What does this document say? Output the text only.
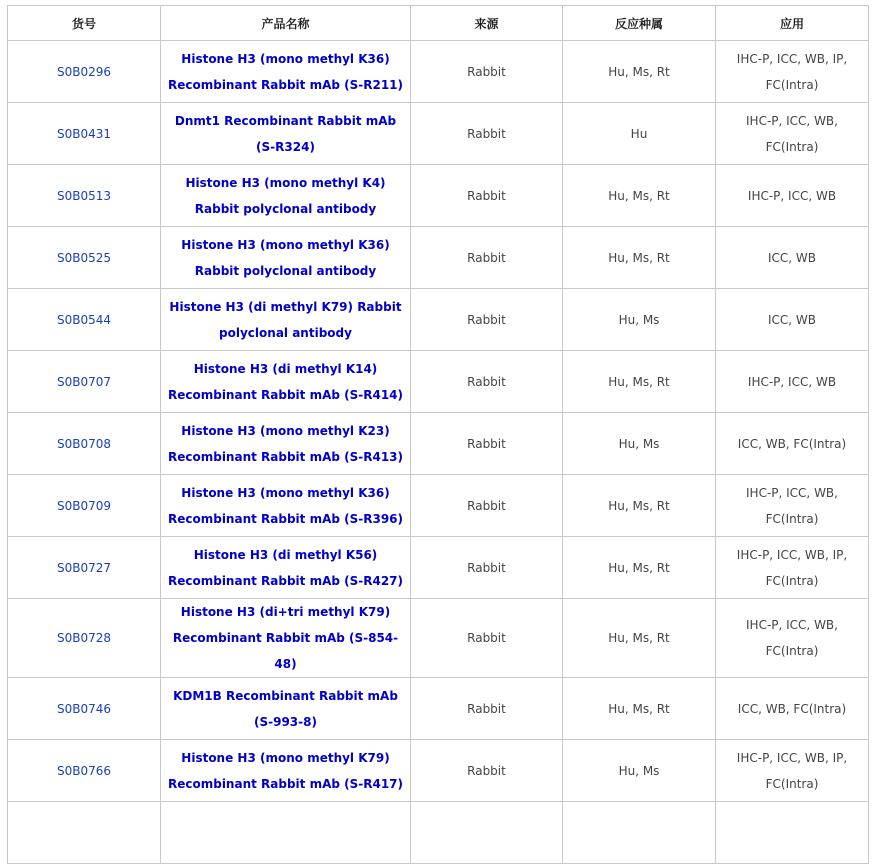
货号	产品名称	来源	反应种属	应用
S0B0296	Histone H3 (mono methyl K36) Recombinant Rabbit mAb (S-R211)	Rabbit	Hu, Ms, Rt	IHC-P, ICC, WB, IP, FC(Intra)
S0B0431	Dnmt1 Recombinant Rabbit mAb (S-R324)	Rabbit	Hu	IHC-P, ICC, WB, FC(Intra)
S0B0513	Histone H3 (mono methyl K4) Rabbit polyclonal antibody	Rabbit	Hu, Ms, Rt	IHC-P, ICC, WB
S0B0525	Histone H3 (mono methyl K36) Rabbit polyclonal antibody	Rabbit	Hu, Ms, Rt	ICC, WB
S0B0544	Histone H3 (di methyl K79) Rabbit polyclonal antibody	Rabbit	Hu, Ms	ICC, WB
S0B0707	Histone H3 (di methyl K14) Recombinant Rabbit mAb (S-R414)	Rabbit	Hu, Ms, Rt	IHC-P, ICC, WB
S0B0708	Histone H3 (mono methyl K23) Recombinant Rabbit mAb (S-R413)	Rabbit	Hu, Ms	ICC, WB, FC(Intra)
S0B0709	Histone H3 (mono methyl K36) Recombinant Rabbit mAb (S-R396)	Rabbit	Hu, Ms, Rt	IHC-P, ICC, WB, FC(Intra)
S0B0727	Histone H3 (di methyl K56) Recombinant Rabbit mAb (S-R427)	Rabbit	Hu, Ms, Rt	IHC-P, ICC, WB, IP, FC(Intra)
S0B0728	Histone H3 (di+tri methyl K79) Recombinant Rabbit mAb (S-854-48)	Rabbit	Hu, Ms, Rt	IHC-P, ICC, WB, FC(Intra)
S0B0746	KDM1B Recombinant Rabbit mAb (S-993-8)	Rabbit	Hu, Ms, Rt	ICC, WB, FC(Intra)
S0B0766	Histone H3 (mono methyl K79) Recombinant Rabbit mAb (S-R417)	Rabbit	Hu, Ms	IHC-P, ICC, WB, IP, FC(Intra)
